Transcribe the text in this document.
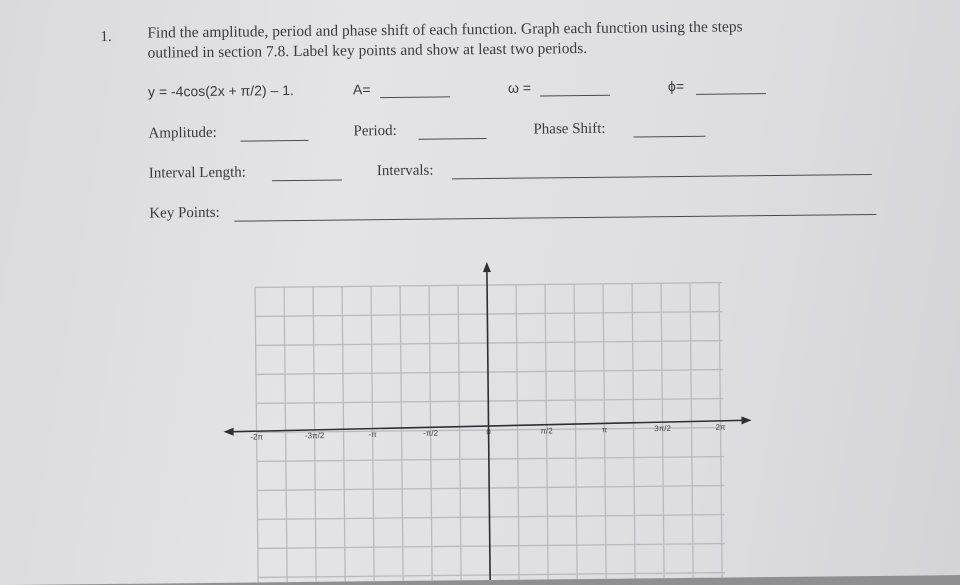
1. Find the amplitude, period and phase shift of each function. Graph each function using the steps
outlined in section 7.8. Label key points and show at least two periods.
y = -4cos(2x + π/2) – 1.	A=	ω =	ϕ=
Amplitude:	Period:	Phase Shift:
Interval Length:	Intervals:
Key Points:
-2π	-3π/2	-π	-π/2	0	π/2	π	3π/2	2π
